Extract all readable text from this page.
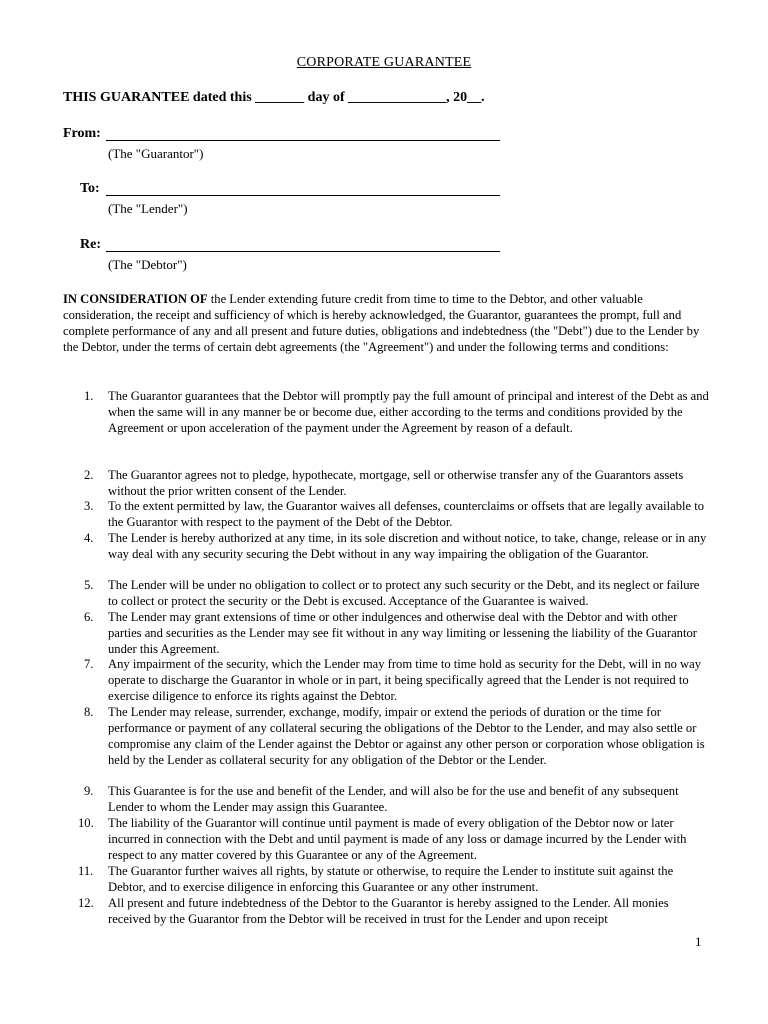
CORPORATE GUARANTEE
THIS GUARANTEE dated this _______ day of ______________, 20__.
From:
(The "Guarantor")
To:
(The "Lender")
Re:
(The "Debtor")
IN CONSIDERATION OF the Lender extending future credit from time to time to the Debtor, and other valuable consideration, the receipt and sufficiency of which is hereby acknowledged, the Guarantor, guarantees the prompt, full and complete performance of any and all present and future duties, obligations and indebtedness (the "Debt") due to the Lender by the Debtor, under the terms of certain debt agreements (the "Agreement") and under the following terms and conditions:
1.	The Guarantor guarantees that the Debtor will promptly pay the full amount of principal and interest of the Debt as and when the same will in any manner be or become due, either according to the terms and conditions provided by the Agreement or upon acceleration of the payment under the Agreement by reason of a default.
2.	The Guarantor agrees not to pledge, hypothecate, mortgage, sell or otherwise transfer any of the Guarantors assets without the prior written consent of the Lender.
3.	To the extent permitted by law, the Guarantor waives all defenses, counterclaims or offsets that are legally available to the Guarantor with respect to the payment of the Debt of the Debtor.
4.	The Lender is hereby authorized at any time, in its sole discretion and without notice, to take, change, release or in any way deal with any security securing the Debt without in any way impairing the obligation of the Guarantor.
5.	The Lender will be under no obligation to collect or to protect any such security or the Debt, and its neglect or failure to collect or protect the security or the Debt is excused. Acceptance of the Guarantee is waived.
6.	The Lender may grant extensions of time or other indulgences and otherwise deal with the Debtor and with other parties and securities as the Lender may see fit without in any way limiting or lessening the liability of the Guarantor under this Agreement.
7.	Any impairment of the security, which the Lender may from time to time hold as security for the Debt, will in no way operate to discharge the Guarantor in whole or in part, it being specifically agreed that the Lender is not required to exercise diligence to enforce its rights against the Debtor.
8.	The Lender may release, surrender, exchange, modify, impair or extend the periods of duration or the time for performance or payment of any collateral securing the obligations of the Debtor to the Lender, and may also settle or compromise any claim of the Lender against the Debtor or against any other person or corporation whose obligation is held by the Lender as collateral security for any obligation of the Debtor or the Lender.
9.	This Guarantee is for the use and benefit of the Lender, and will also be for the use and benefit of any subsequent Lender to whom the Lender may assign this Guarantee.
10.	The liability of the Guarantor will continue until payment is made of every obligation of the Debtor now or later incurred in connection with the Debt and until payment is made of any loss or damage incurred by the Lender with respect to any matter covered by this Guarantee or any of the Agreement.
11.	The Guarantor further waives all rights, by statute or otherwise, to require the Lender to institute suit against the Debtor, and to exercise diligence in enforcing this Guarantee or any other instrument.
12.	All present and future indebtedness of the Debtor to the Guarantor is hereby assigned to the Lender. All monies received by the Guarantor from the Debtor will be received in trust for the Lender and upon receipt
1
